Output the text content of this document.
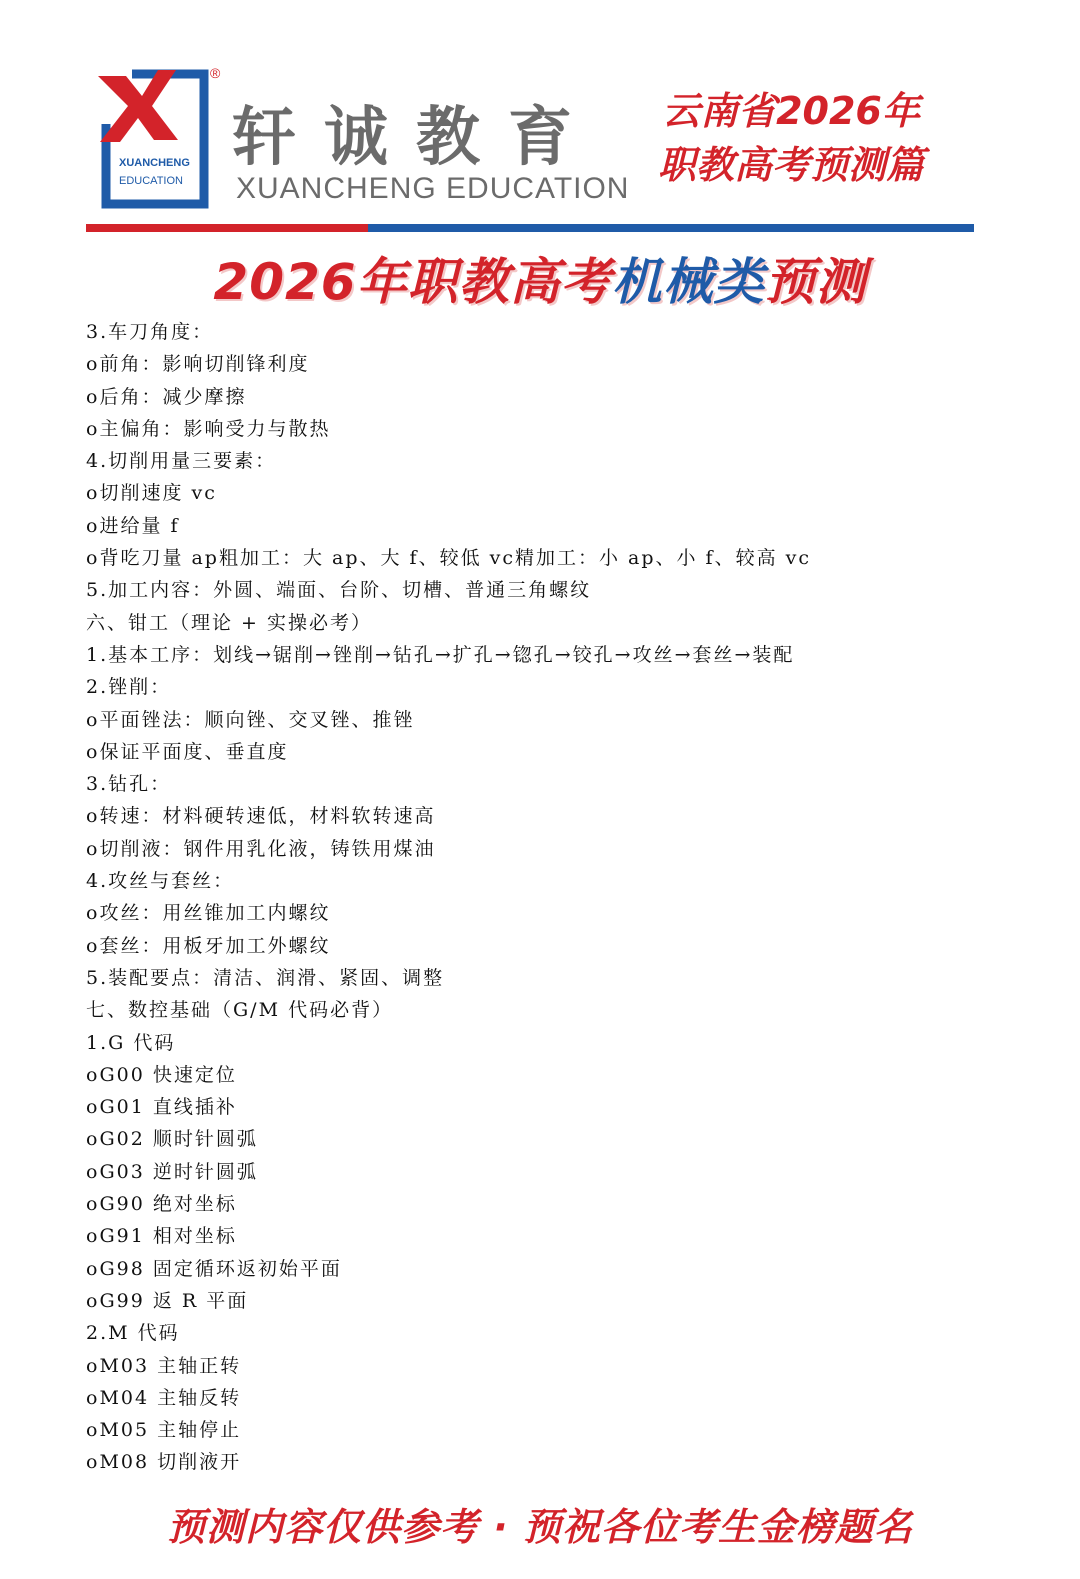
XUANCHENG
EDUCATION
®
轩诚教育
XUANCHENG EDUCATION
云南省2026年
职教高考预测篇
2026年职教高考机械类预测
3.车刀角度：
o前角：影响切削锋利度
o后角：减少摩擦
o主偏角：影响受力与散热
4.切削用量三要素：
o切削速度 vc
o进给量 f
o背吃刀量 ap粗加工：大 ap、大 f、较低 vc精加工：小 ap、小 f、较高 vc
5.加工内容：外圆、端面、台阶、切槽、普通三角螺纹
六、钳工（理论 + 实操必考）
1.基本工序：划线→锯削→锉削→钻孔→扩孔→锪孔→铰孔→攻丝→套丝→装配
2.锉削：
o平面锉法：顺向锉、交叉锉、推锉
o保证平面度、垂直度
3.钻孔：
o转速：材料硬转速低，材料软转速高
o切削液：钢件用乳化液，铸铁用煤油
4.攻丝与套丝：
o攻丝：用丝锥加工内螺纹
o套丝：用板牙加工外螺纹
5.装配要点：清洁、润滑、紧固、调整
七、数控基础（G/M 代码必背）
1.G 代码
oG00 快速定位
oG01 直线插补
oG02 顺时针圆弧
oG03 逆时针圆弧
oG90 绝对坐标
oG91 相对坐标
oG98 固定循环返初始平面
oG99 返 R 平面
2.M 代码
oM03 主轴正转
oM04 主轴反转
oM05 主轴停止
oM08 切削液开
预测内容仅供参考 · 预祝各位考生金榜题名
